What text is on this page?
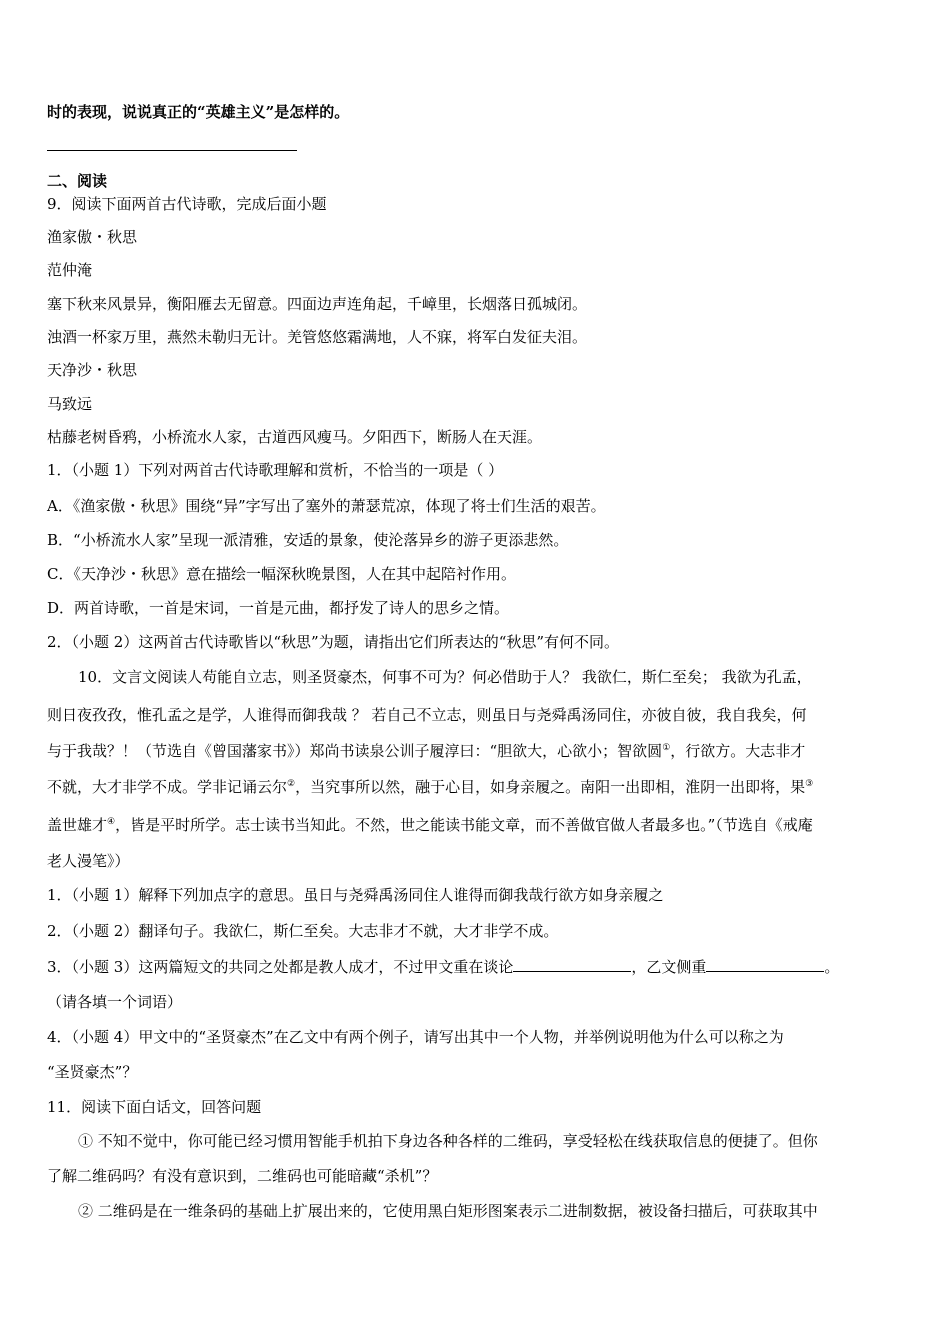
时的表现，说说真正的“英雄主义”是怎样的。
二、阅读
9．阅读下面两首古代诗歌，完成后面小题
渔家傲・秋思
范仲淹
塞下秋来风景异，衡阳雁去无留意。四面边声连角起，千嶂里，长烟落日孤城闭。
浊酒一杯家万里，燕然未勒归无计。羌管悠悠霜满地，人不寐，将军白发征夫泪。
天净沙・秋思
马致远
枯藤老树昏鸦，小桥流水人家，古道西风瘦马。夕阳西下，断肠人在天涯。
1．（小题 1）下列对两首古代诗歌理解和赏析，不恰当的一项是（ ）
A．《渔家傲・秋思》围绕“异”字写出了塞外的萧瑟荒凉，体现了将士们生活的艰苦。
B．“小桥流水人家”呈现一派清雅，安适的景象，使沦落异乡的游子更添悲然。
C．《天净沙・秋思》意在描绘一幅深秋晚景图，人在其中起陪衬作用。
D．两首诗歌，一首是宋词，一首是元曲，都抒发了诗人的思乡之情。
2．（小题 2）这两首古代诗歌皆以“秋思”为题，请指出它们所表达的“秋思”有何不同。
10．文言文阅读人苟能自立志，则圣贤豪杰，何事不可为？何必借助于人？ 我欲仁，斯仁至矣； 我欲为孔孟，
则日夜孜孜，惟孔孟之是学，人谁得而御我哉 ？ 若自己不立志，则虽日与尧舜禹汤同住，亦彼自彼，我自我矣，何
与于我哉？！（节选自《曾国藩家书》）郑尚书读泉公训子履淳曰：“胆欲大，心欲小；智欲圆①，行欲方。大志非才
不就，大才非学不成。学非记诵云尔②，当究事所以然，融于心目，如身亲履之。南阳一出即相，淮阴一出即将，果③
盖世雄才④，皆是平时所学。志士读书当知此。不然，世之能读书能文章，而不善做官做人者最多也。”（节选自《戒庵
老人漫笔》）
1．（小题 1）解释下列加点字的意思。虽日与尧舜禹汤同住人谁得而御我哉行欲方如身亲履之
2．（小题 2）翻译句子。我欲仁，斯仁至矣。大志非才不就，大才非学不成。
3．（小题 3）这两篇短文的共同之处都是教人成才，不过甲文重在谈论	，乙文侧重	。
（请各填一个词语）
4．（小题 4）甲文中的“圣贤豪杰”在乙文中有两个例子，请写出其中一个人物，并举例说明他为什么可以称之为
“圣贤豪杰”？
11．阅读下面白话文，回答问题
① 不知不觉中，你可能已经习惯用智能手机拍下身边各种各样的二维码，享受轻松在线获取信息的便捷了。但你
了解二维码吗？有没有意识到，二维码也可能暗藏“杀机”？
② 二维码是在一维条码的基础上扩展出来的，它使用黑白矩形图案表示二进制数据，被设备扫描后，可获取其中
